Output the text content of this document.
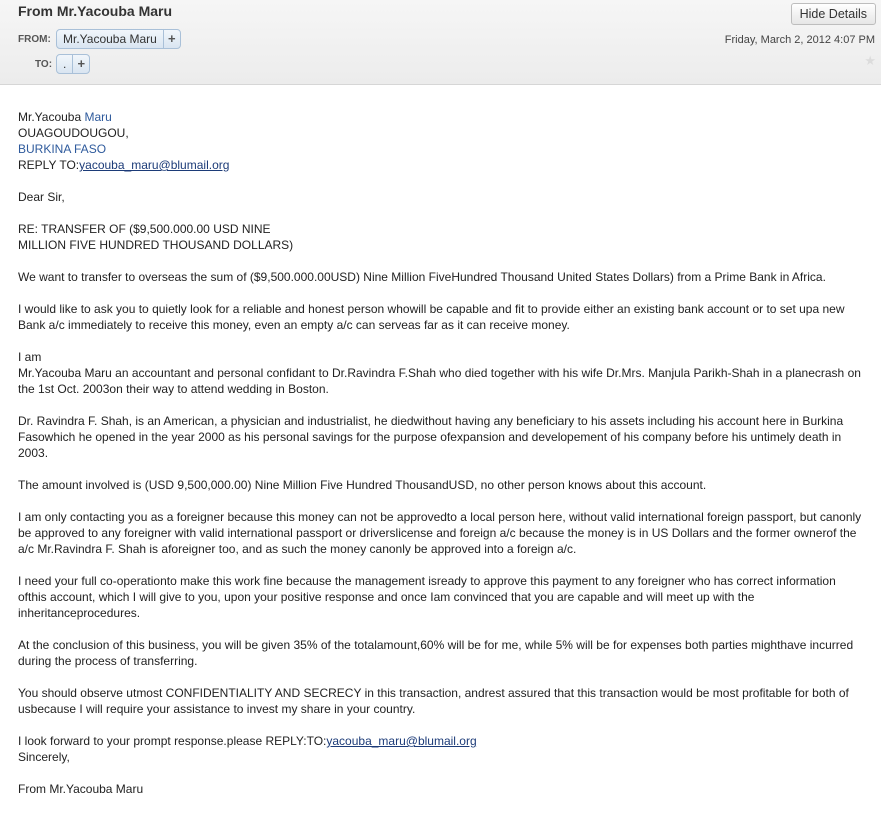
From Mr.Yacouba Maru	Hide Details
Friday, March 2, 2012 4:07 PM
★
FROM:	Mr.Yacouba Maru +
TO: . +

Mr.Yacouba Maru
OUAGOUDOUGOU,
BURKINA FASO
REPLY TO:yacouba_maru@blumail.org

Dear Sir,

RE: TRANSFER OF ($9,500.000.00 USD NINE
MILLION FIVE HUNDRED THOUSAND DOLLARS)

We want to transfer to overseas the sum of ($9,500.000.00USD) Nine Million FiveHundred Thousand United States Dollars) from a Prime Bank in Africa.

I would like to ask you to quietly look for a reliable and honest person whowill be capable and fit to provide either an existing bank account or to set upa new Bank a/c immediately to receive this money, even an empty a/c can serveas far as it can receive money.

I am
Mr.Yacouba Maru an accountant and personal confidant to Dr.Ravindra F.Shah who died together with his wife Dr.Mrs. Manjula Parikh-Shah in a planecrash on the 1st Oct. 2003on their way to attend wedding in Boston.

Dr. Ravindra F. Shah, is an American, a physician and industrialist, he diedwithout having any beneficiary to his assets including his account here in Burkina Fasowhich he opened in the year 2000 as his personal savings for the purpose ofexpansion and developement of his company before his untimely death in 2003.

The amount involved is (USD 9,500,000.00) Nine Million Five Hundred ThousandUSD, no other person knows about this account.

I am only contacting you as a foreigner because this money can not be approvedto a local person here, without valid international foreign passport, but canonly be approved to any foreigner with valid international passport or driverslicense and foreign a/c because the money is in US Dollars and the former ownerof the a/c Mr.Ravindra F. Shah is aforeigner too, and as such the money canonly be approved into a foreign a/c.

I need your full co-operationto make this work fine because the management isready to approve this payment to any foreigner who has correct information ofthis account, which I will give to you, upon your positive response and once Iam convinced that you are capable and will meet up with the inheritanceprocedures.

At the conclusion of this business, you will be given 35% of the totalamount,60% will be for me, while 5% will be for expenses both parties mighthave incurred during the process of transferring.

You should observe utmost CONFIDENTIALITY AND SECRECY in this transaction, andrest assured that this transaction would be most profitable for both of usbecause I will require your assistance to invest my share in your country.

I look forward to your prompt response.please REPLY:TO:yacouba_maru@blumail.org
Sincerely,

From Mr.Yacouba Maru
